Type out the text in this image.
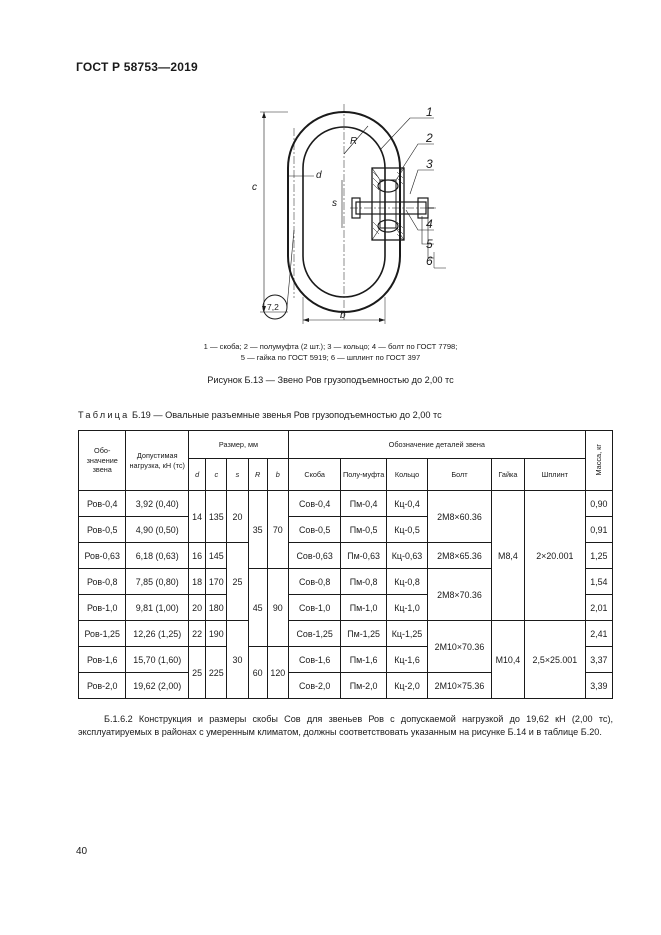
ГОСТ Р 58753—2019
1
2
3
4
5
6
R
d
c
s
b
7,2
1 — скоба; 2 — полумуфта (2 шт.); 3 — кольцо; 4 — болт по ГОСТ 7798;
5 — гайка по ГОСТ 5919; 6 — шплинт по ГОСТ 397
Рисунок Б.13 — Звено Ров грузоподъемностью до 2,00 тс
Таблица Б.19 — Овальные разъемные звенья Ров грузоподъемностью до 2,00 тс
Обо-значение звена	Допустимая нагрузка, кН (тс)	Размер, мм					Обозначение деталей звена						Масса, кг
		d	c	s	R	b	Скоба	Полу-муфта	Кольцо	Болт	Гайка	Шплинт	
Ров-0,4	3,92 (0,40)	14	135	20	35	70	Сов-0,4	Пм-0,4	Кц-0,4	2М8×60.36	М8,4	2×20.001	0,90
Ров-0,5	4,90 (0,50)						Сов-0,5	Пм-0,5	Кц-0,5				0,91
Ров-0,63	6,18 (0,63)	16	145	25			Сов-0,63	Пм-0,63	Кц-0,63	2М8×65.36			1,25
Ров-0,8	7,85 (0,80)	18	170		45	90	Сов-0,8	Пм-0,8	Кц-0,8	2М8×70.36			1,54
Ров-1,0	9,81 (1,00)	20	180				Сов-1,0	Пм-1,0	Кц-1,0				2,01
Ров-1,25	12,26 (1,25)	22	190	30			Сов-1,25	Пм-1,25	Кц-1,25	2М10×70.36	М10,4	2,5×25.001	2,41
Ров-1,6	15,70 (1,60)	25	225		60	120	Сов-1,6	Пм-1,6	Кц-1,6				3,37
Ров-2,0	19,62 (2,00)						Сов-2,0	Пм-2,0	Кц-2,0	2М10×75.36			3,39
Б.1.6.2 Конструкция и размеры скобы Сов для звеньев Ров с допускаемой нагрузкой до 19,62 кН (2,00 тс), эксплуатируемых в районах с умеренным климатом, должны соответствовать указанным на рисунке Б.14 и в таблице Б.20.
40
